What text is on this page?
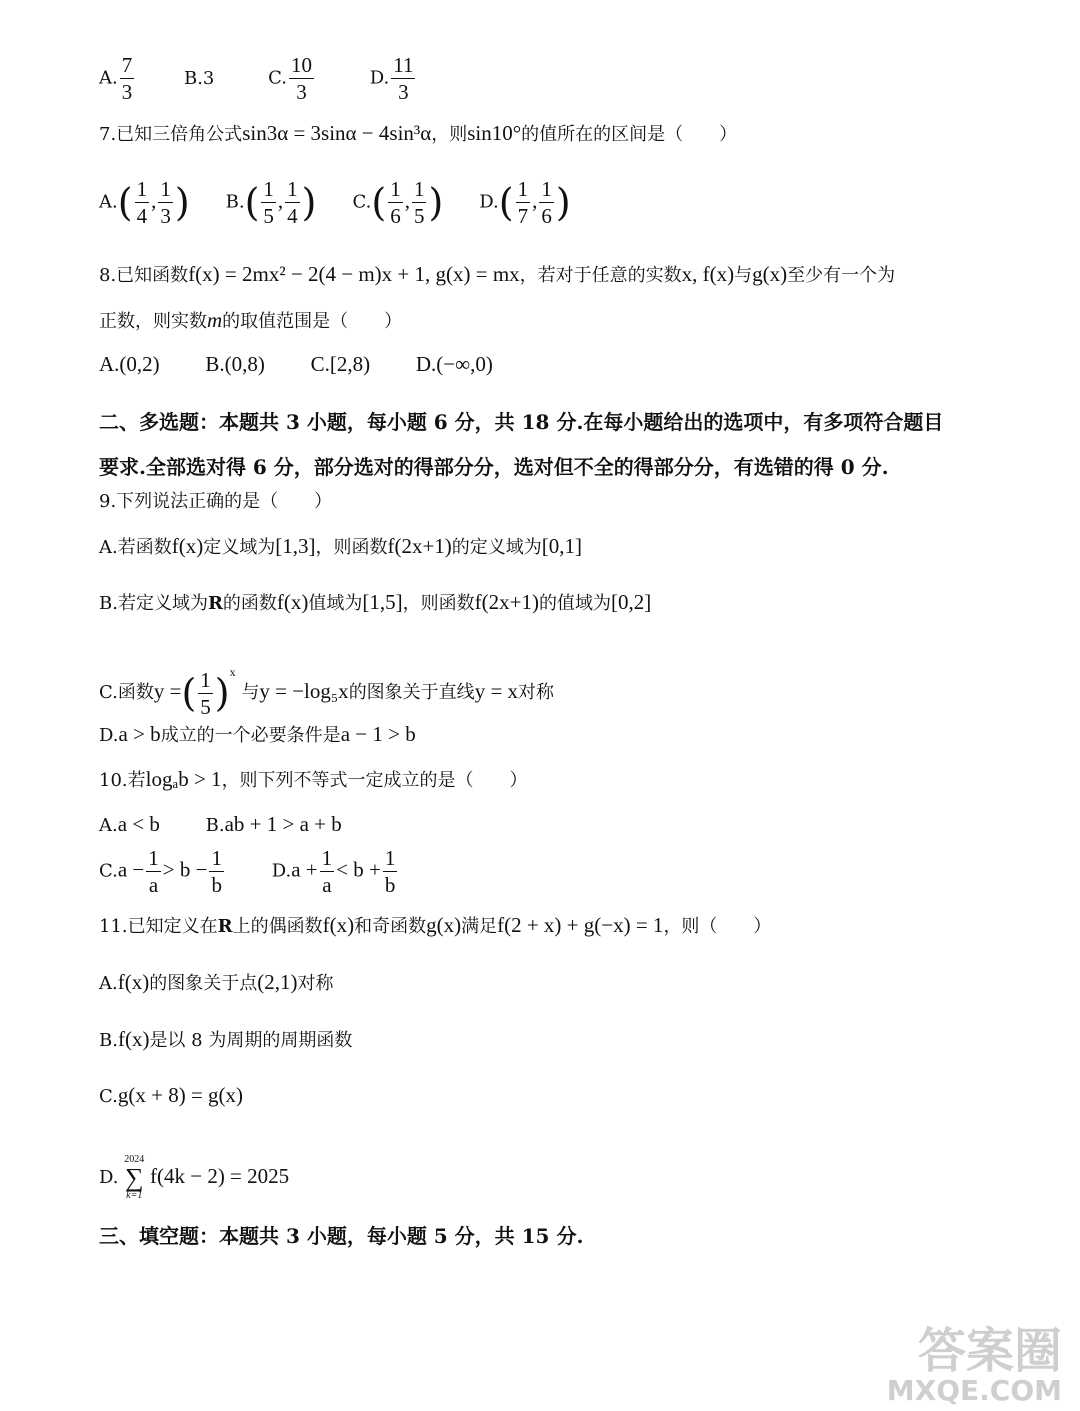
A. $\frac{7}{3}$	B.3	C. $\frac{10}{3}$	D. $\frac{11}{3}$
7.已知三倍角公式sin3α = 3sinα − 4sin³α，则sin10°的值所在的区间是（　　）
$A.( \frac{1}{4}$ , $\frac{1}{3}$ ) $B.( \frac{1}{5}$ , $\frac{1}{4}$ ) $C.( \frac{1}{6}$ , $\frac{1}{5}$ ) $D.( \frac{1}{7}$ , $\frac{1}{6}$ )
8.已知函数f(x) = 2mx² − 2(4 − m)x + 1, g(x) = mx，若对于任意的实数x, f(x)与g(x)至少有一个为
正数，则实数m的取值范围是（　　）
A.(0,2) B.(0,8) C.[2,8) D.(−∞,0)
二、多选题：本题共 3 小题，每小题 6 分，共 18 分.在每小题给出的选项中，有多项符合题目
要求.全部选对得 6 分，部分选对的得部分分，选对但不全的得部分分，有选错的得 0 分.
9.下列说法正确的是（　　）
A.若函数f(x)定义域为[1,3]，则函数f(2x+1)的定义域为[0,1]
B.若定义域为R的函数f(x)值域为[1,5]，则函数f(2x+1)的值域为[0,2]
C.函数y =( $\frac{1}{5} )^x$ 与y = −log₅x的图象关于直线y = x对称
D.a > b成立的一个必要条件是a − 1 > b
10.若logₐb > 1，则下列不等式一定成立的是（　　）
A.a < b	B.ab + 1 > a + b
$C.a - \frac{1}{a} > b - \frac{1}{b}$	$D.a + \frac{1}{a} < b + \frac{1}{b}$
11.已知定义在R上的偶函数f(x)和奇函数g(x)满足f(2 + x) + g(−x) = 1，则（　　）
A.f(x)的图象关于点(2,1)对称
B.f(x)是以 8 为周期的周期函数
C.g(x + 8) = g(x)
D.
2024
∑
k=1
f(4k − 2) = 2025
三、填空题：本题共 3 小题，每小题 5 分，共 15 分.
答案圈
MXQE.COM
